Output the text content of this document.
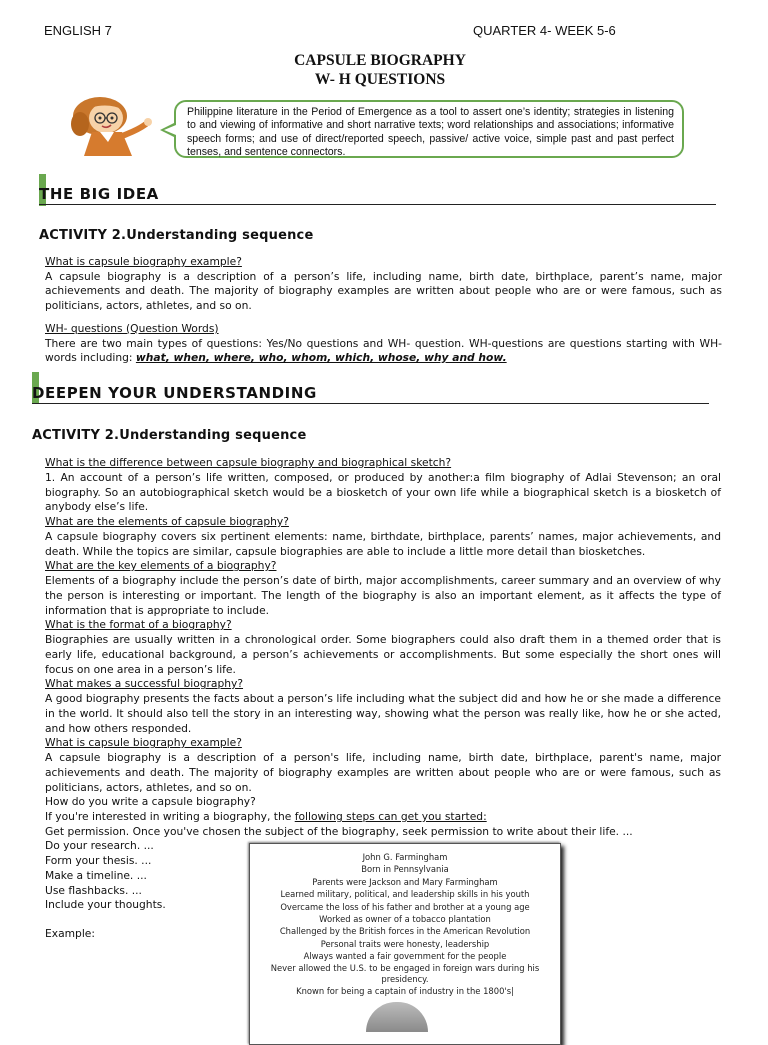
ENGLISH 7	QUARTER 4- WEEK 5-6
CAPSULE BIOGRAPHY
W- H QUESTIONS
Philippine literature in the Period of Emergence as a tool to assert one’s identity; strategies in listening to and viewing of informative and short narrative texts; word relationships and associations; informative speech forms; and use of direct/reported speech, passive/ active voice, simple past and past perfect tenses, and sentence connectors.
THE BIG IDEA
ACTIVITY 2.Understanding sequence
What is capsule biography example?
A capsule biography is a description of a person’s life, including name, birth date, birthplace, parent’s name, major achievements and death. The majority of biography examples are written about people who are or were famous, such as politicians, actors, athletes, and so on.
WH- questions (Question Words)
There are two main types of questions: Yes/No questions and WH- question. WH-questions are questions starting with WH-words including: what, when, where, who, whom, which, whose, why and how.
DEEPEN YOUR UNDERSTANDING
ACTIVITY 2.Understanding sequence
What is the difference between capsule biography and biographical sketch?
1. An account of a person’s life written, composed, or produced by another:a film biography of Adlai Stevenson; an oral biography. So an autobiographical sketch would be a biosketch of your own life while a biographical sketch is a biosketch of anybody else’s life.
What are the elements of capsule biography?
A capsule biography covers six pertinent elements: name, birthdate, birthplace, parents’ names, major achievements, and death. While the topics are similar, capsule biographies are able to include a little more detail than biosketches.
What are the key elements of a biography?
Elements of a biography include the person’s date of birth, major accomplishments, career summary and an overview of why the person is interesting or important. The length of the biography is also an important element, as it affects the type of information that is appropriate to include.
What is the format of a biography?
Biographies are usually written in a chronological order. Some biographers could also draft them in a themed order that is early life, educational background, a person’s achievements or accomplishments. But some especially the short ones will focus on one area in a person’s life.
What makes a successful biography?
A good biography presents the facts about a person’s life including what the subject did and how he or she made a difference in the world. It should also tell the story in an interesting way, showing what the person was really like, how he or she acted, and how others responded.
What is capsule biography example?
A capsule biography is a description of a person's life, including name, birth date, birthplace, parent's name, major achievements and death. The majority of biography examples are written about people who are or were famous, such as politicians, actors, athletes, and so on.
How do you write a capsule biography?
If you're interested in writing a biography, the following steps can get you started:
Get permission. Once you've chosen the subject of the biography, seek permission to write about their life. ...
Do your research. ...
Form your thesis. ...
Make a timeline. ...
Use flashbacks. ...
Include your thoughts.
Example:
John G. Farmingham
Born in Pennsylvania
Parents were Jackson and Mary Farmingham
Learned military, political, and leadership skills in his youth
Overcame the loss of his father and brother at a young age
Worked as owner of a tobacco plantation
Challenged by the British forces in the American Revolution
Personal traits were honesty, leadership
Always wanted a fair government for the people
Never allowed the U.S. to be engaged in foreign wars during his
presidency.
Known for being a captain of industry in the 1800's|
